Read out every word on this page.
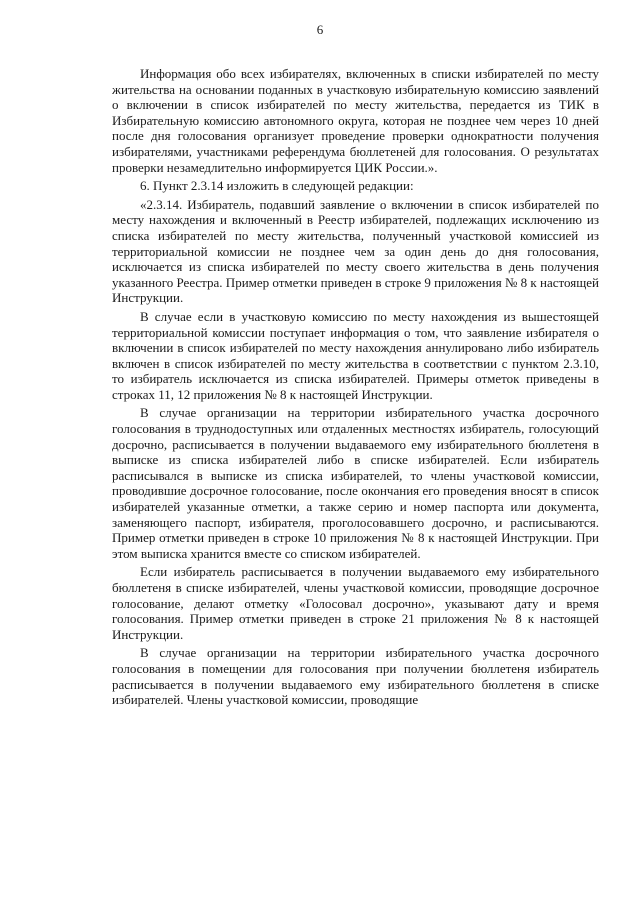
6

Информация обо всех избирателях, включенных в списки избирателей по месту жительства на основании поданных в участковую избирательную комиссию заявлений о включении в список избирателей по месту жительства, передается из ТИК в Избирательную комиссию автономного округа, которая не позднее чем через 10 дней после дня голосования организует проведение проверки однократности получения избирателями, участниками референдума бюллетеней для голосования. О результатах проверки незамедлительно информируется ЦИК России.».

6. Пункт 2.3.14 изложить в следующей редакции:

«2.3.14. Избиратель, подавший заявление о включении в список избирателей по месту нахождения и включенный в Реестр избирателей, подлежащих исключению из списка избирателей по месту жительства, полученный участковой комиссией из территориальной комиссии не позднее чем за один день до дня голосования, исключается из списка избирателей по месту своего жительства в день получения указанного Реестра. Пример отметки приведен в строке 9 приложения № 8 к настоящей Инструкции.

В случае если в участковую комиссию по месту нахождения из вышестоящей территориальной комиссии поступает информация о том, что заявление избирателя о включении в список избирателей по месту нахождения аннулировано либо избиратель включен в список избирателей по месту жительства в соответствии с пунктом 2.3.10, то избиратель исключается из списка избирателей. Примеры отметок приведены в строках 11, 12 приложения № 8 к настоящей Инструкции.

В случае организации на территории избирательного участка досрочного голосования в труднодоступных или отдаленных местностях избиратель, голосующий досрочно, расписывается в получении выдаваемого ему избирательного бюллетеня в выписке из списка избирателей либо в списке избирателей. Если избиратель расписывался в выписке из списка избирателей, то члены участковой комиссии, проводившие досрочное голосование, после окончания его проведения вносят в список избирателей указанные отметки, а также серию и номер паспорта или документа, заменяющего паспорт, избирателя, проголосовавшего досрочно, и расписываются. Пример отметки приведен в строке 10 приложения № 8 к настоящей Инструкции. При этом выписка хранится вместе со списком избирателей.

Если избиратель расписывается в получении выдаваемого ему избирательного бюллетеня в списке избирателей, члены участковой комиссии, проводящие досрочное голосование, делают отметку «Голосовал досрочно», указывают дату и время голосования. Пример отметки приведен в строке 21 приложения № 8 к настоящей Инструкции.

В случае организации на территории избирательного участка досрочного голосования в помещении для голосования при получении бюллетеня избиратель расписывается в получении выдаваемого ему избирательного бюллетеня в списке избирателей. Члены участковой комиссии, проводящие
